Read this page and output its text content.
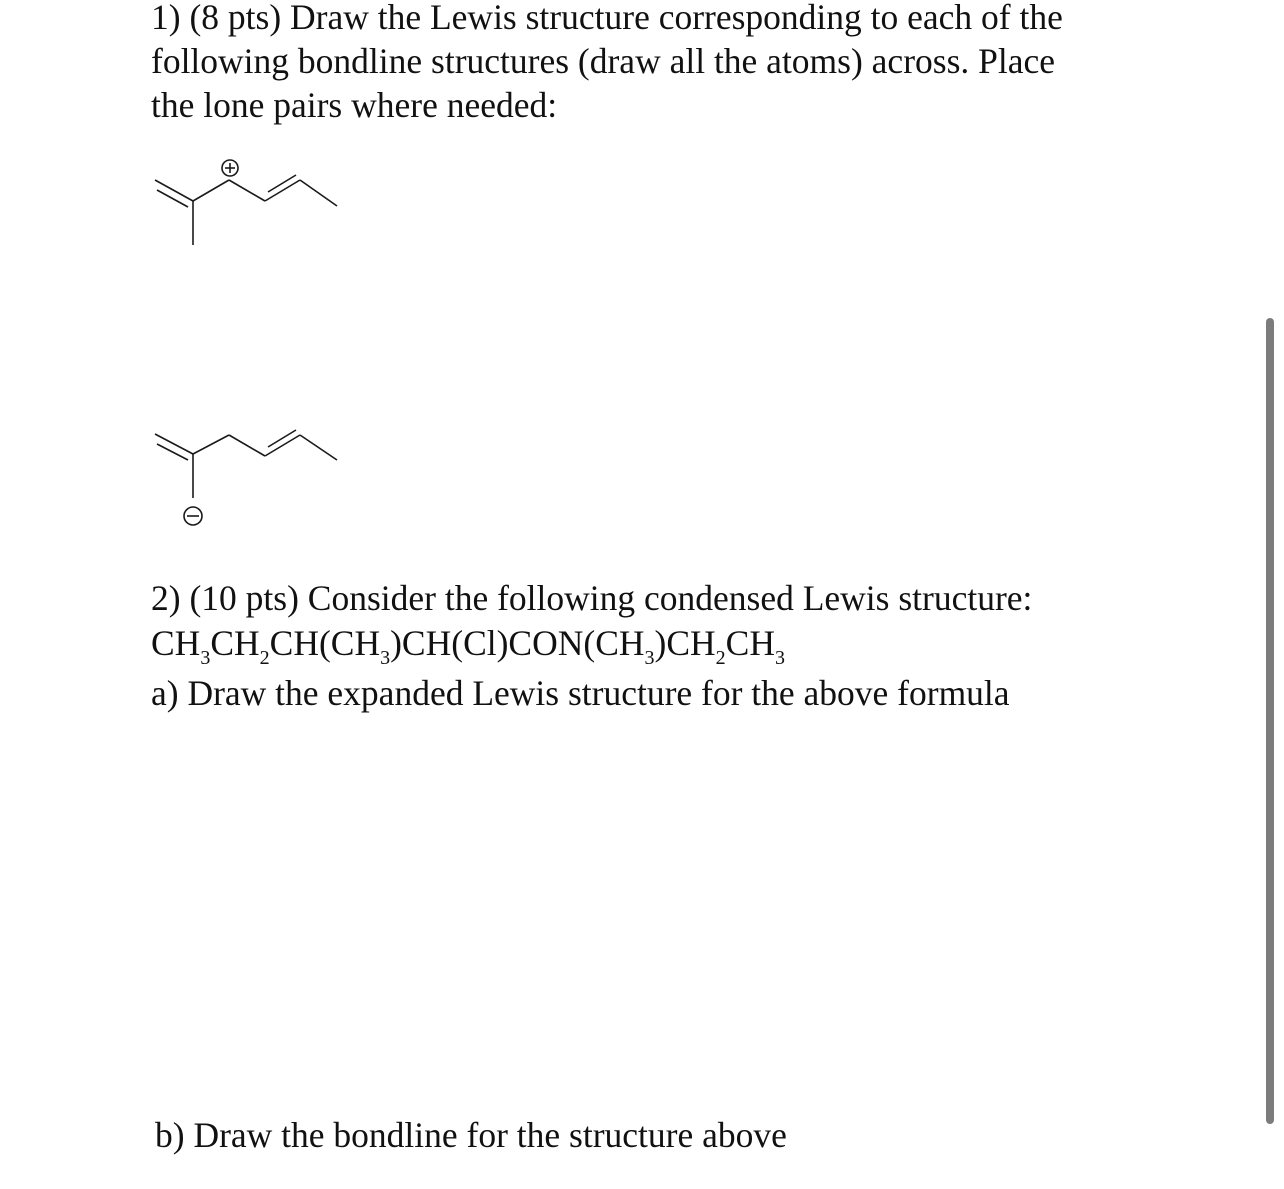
1) (8 pts) Draw the Lewis structure corresponding to each of the
following bondline structures (draw all the atoms) across. Place
the lone pairs where needed:
2) (10 pts) Consider the following condensed Lewis structure:
$CH_3CH_2CH(CH_3)CH(Cl)CON(CH_3)CH_2CH_3$
a) Draw the expanded Lewis structure for the above formula
b) Draw the bondline for the structure above
